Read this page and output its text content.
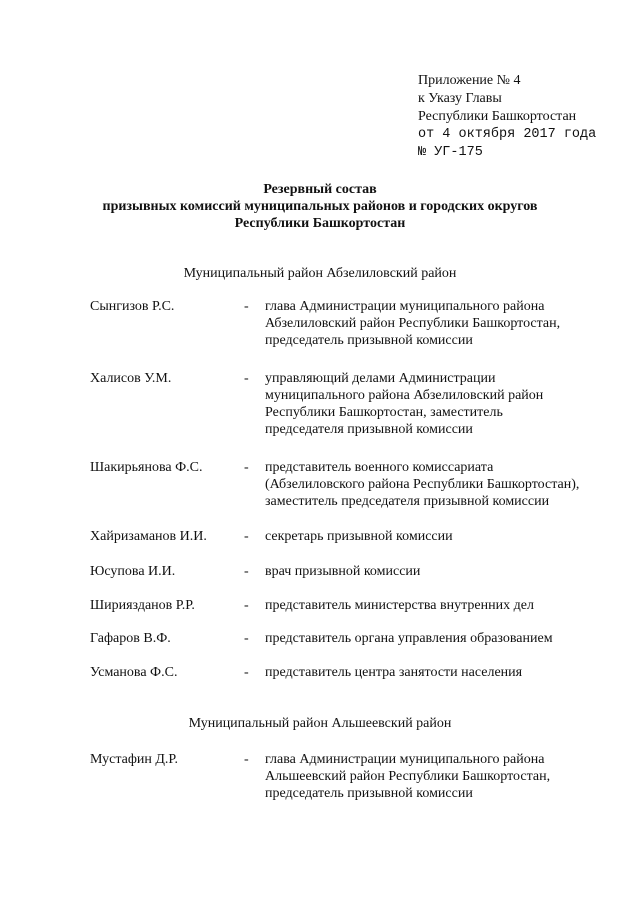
Приложение № 4
к Указу Главы
Республики Башкортостан
от 4 октября 2017 года
№ УГ-175
Резервный состав
призывных комиссий муниципальных районов и городских округов
Республики Башкортостан
Муниципальный район Абзелиловский район
Сынгизов Р.С.	- глава Администрации муниципального района
Абзелиловский район Республики Башкортостан,
председатель призывной комиссии
Халисов У.М.	- управляющий делами Администрации
муниципального района Абзелиловский район
Республики Башкортостан, заместитель
председателя призывной комиссии
Шакирьянова Ф.С.	- представитель военного комиссариата
(Абзелиловского района Республики Башкортостан),
заместитель председателя призывной комиссии
Хайризаманов И.И.	- секретарь призывной комиссии
Юсупова И.И.	- врач призывной комиссии
Шириязданов Р.Р.	- представитель министерства внутренних дел
Гафаров В.Ф.	- представитель органа управления образованием
Усманова Ф.С.	- представитель центра занятости населения
Муниципальный район Альшеевский район
Мустафин Д.Р.	- глава Администрации муниципального района
Альшеевский район Республики Башкортостан,
председатель призывной комиссии
